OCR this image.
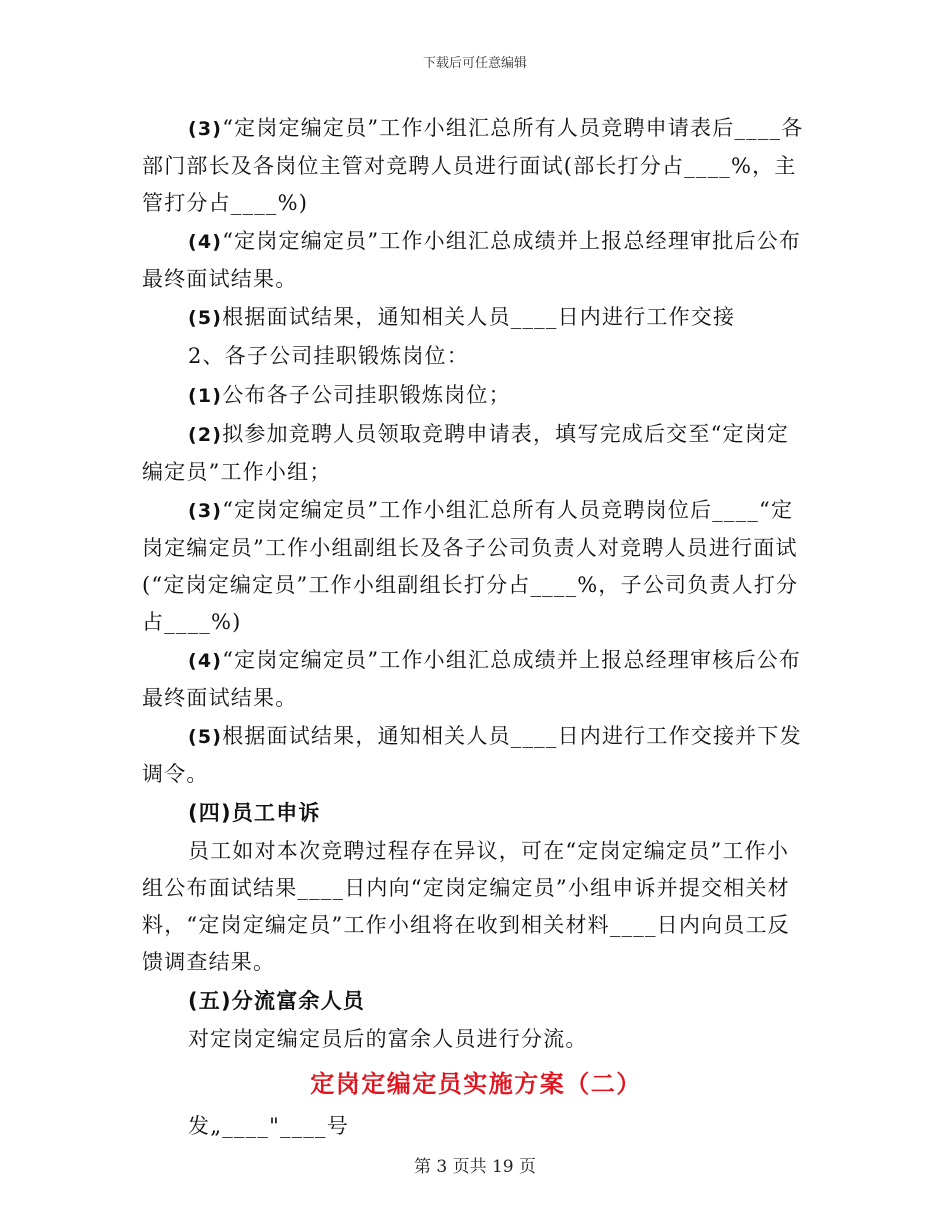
下载后可任意编辑

(3)“定岗定编定员”工作小组汇总所有人员竞聘申请表后____各部门部长及各岗位主管对竞聘人员进行面试(部长打分占____%，主管打分占____%)

(4)“定岗定编定员”工作小组汇总成绩并上报总经理审批后公布最终面试结果。

(5)根据面试结果，通知相关人员____日内进行工作交接

2、各子公司挂职锻炼岗位：

(1)公布各子公司挂职锻炼岗位；

(2)拟参加竞聘人员领取竞聘申请表，填写完成后交至“定岗定编定员”工作小组；

(3)“定岗定编定员”工作小组汇总所有人员竞聘岗位后____“定岗定编定员”工作小组副组长及各子公司负责人对竞聘人员进行面试(“定岗定编定员”工作小组副组长打分占____%，子公司负责人打分占____%)

(4)“定岗定编定员”工作小组汇总成绩并上报总经理审核后公布最终面试结果。

(5)根据面试结果，通知相关人员____日内进行工作交接并下发调令。

(四)员工申诉

员工如对本次竞聘过程存在异议，可在“定岗定编定员”工作小组公布面试结果____日内向“定岗定编定员”小组申诉并提交相关材料，“定岗定编定员”工作小组将在收到相关材料____日内向员工反馈调查结果。

(五)分流富余人员

对定岗定编定员后的富余人员进行分流。

定岗定编定员实施方案（二）

发„____"____号

第 3 页共 19 页
